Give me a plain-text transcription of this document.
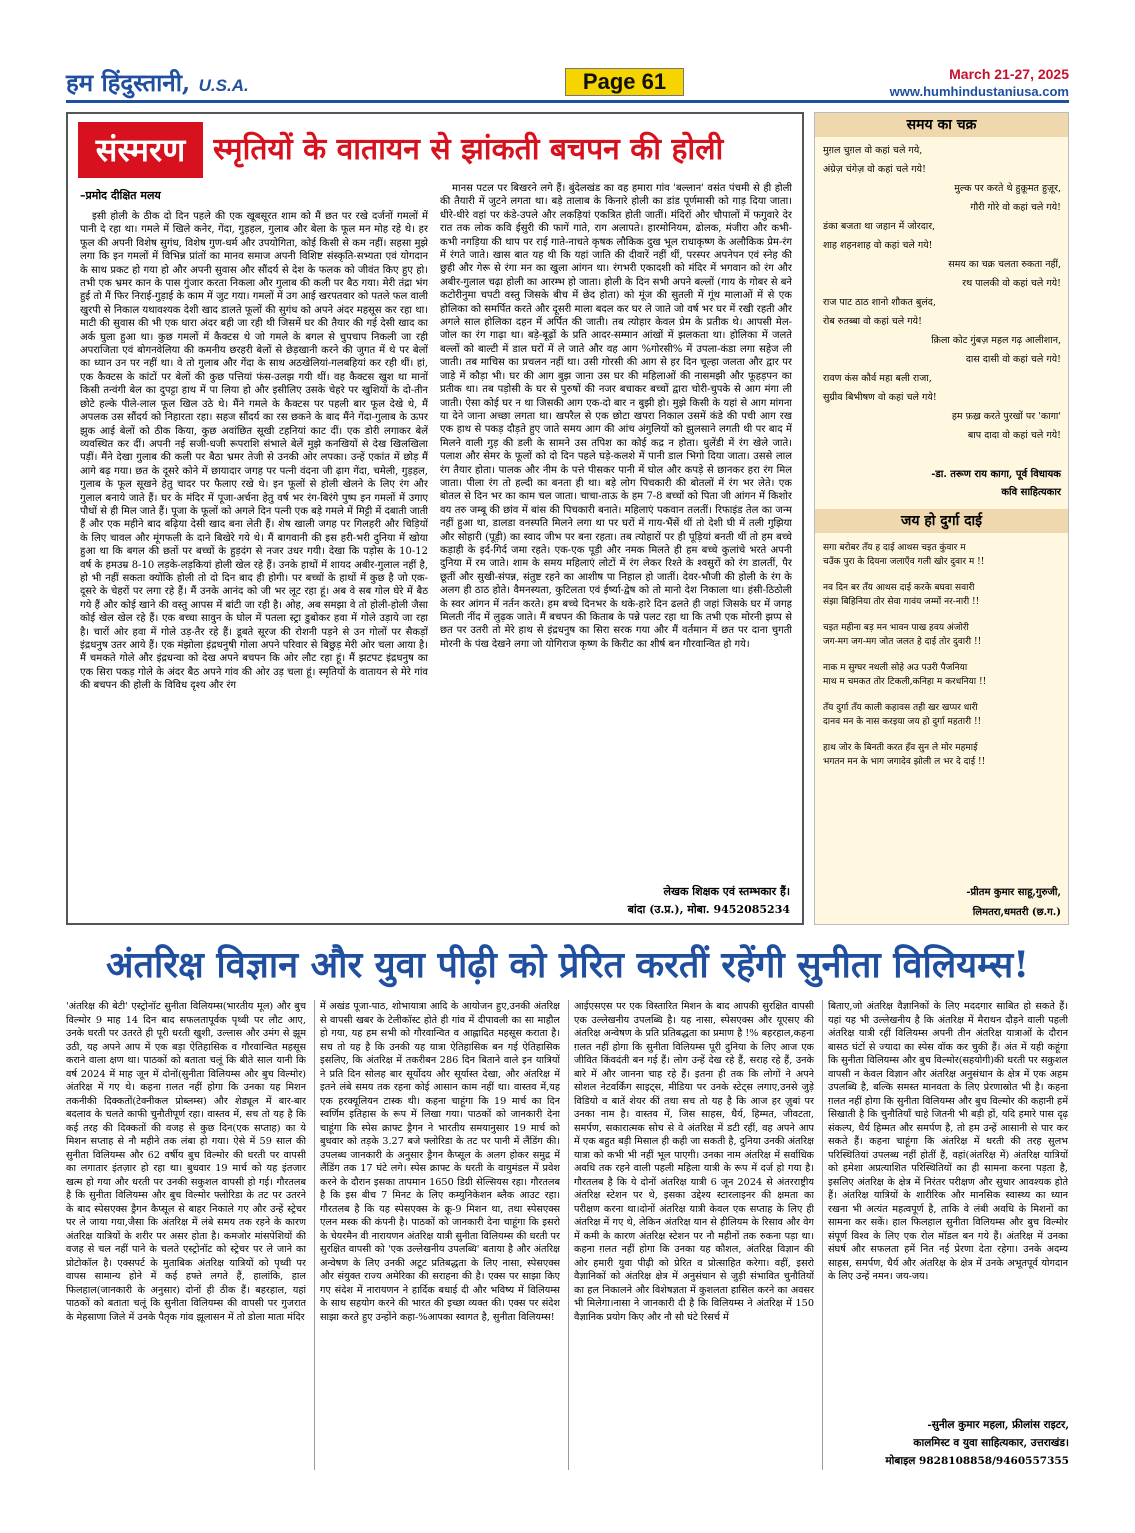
हम हिंदुस्तानी, U.S.A.	Page 61	March 21-27, 2025
www.humhindustaniusa.com
संस्मरण स्मृतियों के वातायन से झांकती बचपन की होली
–प्रमोद दीक्षित मलय

इसी होली के ठीक दो दिन पहले की एक खूबसूरत शाम को मैं छत पर रखे दर्जनों गमलों में पानी दे रहा था। गमले में खिले कनेर, गेंदा, गुड़हल, गुलाब और बेला के फूल मन मोह रहे थे। हर फूल की अपनी विशेष सुगंध, विशेष गुण-धर्म और उपयोगिता, कोई किसी से कम नहीं। सहसा मुझे लगा कि इन गमलों में विभिन्न प्रांतों का मानव समाज अपनी विशिष्ट संस्कृति-सभ्यता एवं योगदान के साथ प्रकट हो गया हो और अपनी सुवास और सौंदर्य से देश के फलक को जीवंत किए हुए हो। तभी एक भ्रमर कान के पास गुंजार करता निकला और गुलाब की कली पर बैठ गया। मेरी तंद्रा भंग हुई तो मैं फिर निराई-गुड़ाई के काम में जुट गया। गमलों में उग आई खरपतवार को पतले फल वाली खुरपी से निकाल यथावश्यक देशी खाद डालते फूलों की सुगंध को अपने अंदर महसूस कर रहा था। माटी की सुवास की भी एक धारा अंदर बही जा रही थी जिसमें घर की तैयार की गई देसी खाद का अर्क घुला हुआ था। कुछ गमलों में कैक्टस थे जो गमले के बगल से चुपचाप निकली जा रही अपराजिता एवं बोगनवेलिया की कमनीय छरहरी बेलों से छेड़खानी करने की जुगत में थे पर बेलों का ध्यान उन पर नहीं था। वे तो गुलाब और गेंदा के साथ अठखेलियां-गलबहियां कर रही थीं। हां, एक कैक्टस के कांटों पर बेलों की कुछ पत्तियां फंस-उलझ गयी थीं। वह कैक्टस खुश था मानों किसी तन्वंगी बेल का दुपट्टा हाथ में पा लिया हो और इसीलिए उसके चेहरे पर खुशियों के दो-तीन छोटे हल्के पीले-लाल फूल खिल उठे थे। मैंने गमले के कैक्टस पर पहली बार फूल देखे थे, मैं अपलक उस सौंदर्य को निहारता रहा। सहज सौंदर्य का रस छकने के बाद मैंने गेंदा-गुलाब के ऊपर झुक आई बेलों को ठीक किया, कुछ अवांछित सूखी टहनियां काट दीं। एक डोरी लगाकर बेलें व्यवस्थित कर दीं। अपनी नई सजी-धजी रूपराशि संभाले बेलें मुझे कनखियों से देख खिलखिला पड़ीं। मैंने देखा गुलाब की कली पर बैठा भ्रमर तेजी से उनकी ओर लपका। उन्हें एकांत में छोड़ मैं आगे बढ़ गया। छत के दूसरे कोने में छायादार जगह पर पत्नी वंदना जी ढ़ाग गेंदा, चमेली, गुड़हल, गुलाब के फूल सूखने हेतु चादर पर फैलाए रखे थे। इन फूलों से होली खेलने के लिए रंग और गुलाल बनाये जाते हैं। घर के मंदिर में पूजा-अर्चना हेतु वर्ष भर रंग-बिरंगे पुष्प इन गमलों में उगाए पौधों से ही मिल जाते हैं। पूजा के फूलों को अगले दिन पत्नी एक बड़े गमले में मिट्टी में दबाती जाती हैं और एक महीने बाद बढ़िया देसी खाद बना लेती हैं। शेष खाली जगह पर गिलहरी और चिड़ियों के लिए चावल और मूंगफली के दाने बिखेरे गये थे। मैं बागवानी की इस हरी-भरी दुनिया में खोया हुआ था कि बगल की छतों पर बच्चों के हुड़दंग से नजर उधर गयी। देखा कि पड़ोस के 10-12 वर्ष के हमउम्र 8-10 लड़के-लड़कियां होली खेल रहे हैं। उनके हाथों में शायद अबीर-गुलाल नहीं है, हो भी नहीं सकता क्योंकि होली तो दो दिन बाद ही होगी। पर बच्चों के हाथों में कुछ है जो एक-दूसरे के चेहरों पर लगा रहे हैं। मैं उनके आनंद को जी भर लूट रहा हूं। अब वे सब गोल घेरे में बैठ गये हैं और कोई खाने की वस्तु आपस में बांटी जा रही है। ओह, अब समझा वे तो होली-होली जैसा कोई खेल खेल रहे हैं। एक बच्चा सावुन के घोल में पतला स्ट्रा डुबोकर हवा में गोले उड़ाये जा रहा है। चारों ओर हवा में गोले उड़-तैर रहे हैं। डूबते सूरज की रोशनी पड़ने से उन गोलों पर सैकड़ों इंद्रधनुष उतर आये हैं। एक मंझोला इंद्रधनुषी गोला अपने परिवार से बिछुड़ मेरी ओर चला आया है। मैं चमकते गोले और इंद्रधन्वा को देख अपने बचपन कि ओर लौट रहा हूं। मैं झटपट इंद्रधनुष का एक सिरा पकड़ गोले के अंदर बैठ अपने गांव की ओर उड़ चला हूं। स्मृतियों के वातायन से मेरे गांव की बचपन की होली के विविध दृश्य और रंग

मानस पटल पर बिखरने लगे हैं। बुंदेलखंड का वह हमारा गांव 'बल्लान' वसंत पंचमी से ही होली की तैयारी में जुटने लगता था। बड़े तालाब के किनारे होली का डांड पूर्णमासी को गाड़ दिया जाता। धीरे-धीरे वहां पर कंडे-उपले और लकड़ियां एकत्रित होती जातीं। मंदिरों और चौपालों में फगुवारे देर रात तक लोक कवि ईसुरी की फागें गाते, राग अलापते। हारमोनियम, ढोलक, मंजीरा और कभी-कभी नगड़िया की थाप पर राई गाते-नाचते कृषक लौकिक दुख भूल राधाकृष्ण के अलौकिक प्रेम-रंग में रंगते जाते। खास बात यह थी कि यहां जाति की दीवारें नहीं थीं, परस्पर अपनेपन एवं स्नेह की छुही और गेरू से रंगा मन का खुला आंगन था। रंगभरी एकादशी को मंदिर में भगवान को रंग और अबीर-गुलाल चढ़ा होली का आरम्भ हो जाता। होली के दिन सभी अपने बल्लों (गाय के गोबर से बने कटोरीनुमा चपटी वस्तु जिसके बीच में छेद होता) को मूंज की सुतली में गूंथ मालाओं में से एक होलिका को समर्पित करते और दूसरी माला बदल कर घर ले जाते जो वर्ष भर घर में रखी रहती और अगले साल होलिका दहन में अर्पित की जाती। तब त्योहार केवल प्रेम के प्रतीक थे। आपसी मेल-जोल का रंग गाढ़ा था। बड़े-बूढ़ों के प्रति आदर-सम्मान आंखों में झलकता था। होलिका में जलते बल्लों को बाल्टी में डाल घरों में ले जाते और वह आग %गोरसी% में उपला-कंडा लगा सहेज ली जाती। तब माचिस का प्रचलन नहीं था। उसी गोरसी की आग से हर दिन चूल्हा जलता और द्वार पर जाड़े में कौड़ा भी। घर की आग बुझ जाना उस घर की महिलाओं की नासमझी और फूहड़पन का प्रतीक था। तब पड़ोसी के घर से पुरुषों की नजर बचाकर बच्चों द्वारा चोरी-चुपके से आग मंगा ली जाती। ऐसा कोई घर न था जिसकी आग एक-दो बार न बुझी हो। मुझे किसी के यहां से आग मांगना या देने जाना अच्छा लगता था। खपरैल से एक छोटा खपरा निकाल उसमें कंडे की पची आग रख एक हाथ से पकड़ दौड़ते हुए जाते समय आग की आंच अंगुलियों को झुलसाने लगती थी पर बाद में मिलने वाली गुड़ की डली के सामने उस तपिश का कोई कद्र न होता। धुलेंडी में रंग खेले जाते। पलाश और सेमर के फूलों को दो दिन पहले घड़े-कलशे में पानी डाल भिगो दिया जाता। उससे लाल रंग तैयार होता। पालक और नीम के पत्ते पीसकर पानी में घोल और कपड़े से छानकर हरा रंग मिल जाता। पीला रंग तो हल्दी का बनता ही था। बड़े लोग पिचकारी की बोतलों में रंग भर लेते। एक बोतल से दिन भर का काम चल जाता। चाचा-ताऊ के हम 7-8 बच्चों को पिता जी आंगन में किशोर वय तरु जम्बू की छांव में बांस की पिचकारी बनाते। महिलाएं पकवान तलतीं। रिफाइंड तेल का जन्म नहीं हुआ था, डालडा वनस्पति मिलने लगा था पर घरों में गाय-भैंसें थीं तो देशी घी में तली गुझिया और सोहारी (पूड़ी) का स्वाद जीभ पर बना रहता। तब त्योहारों पर ही पूड़ियां बनती थीं तो हम बच्चे कड़ाही के इर्द-गिर्द जमा रहते। एक-एक पूड़ी और नमक मिलते ही हम बच्चे कुलांचे भरते अपनी दुनिया में रम जाते। शाम के समय महिलाएं लोटों में रंग लेकर रिश्ते के श्वसुरों को रंग डालतीं, पैर छूतीं और सुखी-संपन्न, संतुष्ट रहने का आशीष पा निहाल हो जातीं। देवर-भौजी की होली के रंग के अलग ही ठाठ होते। वैमनस्यता, कुटिलता एवं ईर्ष्या-द्वेष को तो मानो देश निकाला था। हंसी-ठिठोली के स्वर आंगन में नर्तन करते। हम बच्चे दिनभर के थके-हारे दिन ढलते ही जहां जिसके घर में जगह मिलती नींद में लुढ़क जाते। मैं बचपन की किताब के पन्ने पलट रहा था कि तभी एक मोरनी झप्प से छत पर उतरी तो मेरे हाथ से इंद्रधनुष का सिरा सरक गया और मैं वर्तमान में छत पर दाना चुगती मोरनी के पंख देखने लगा जो योगिराज कृष्ण के किरीट का शीर्ष बन गौरवान्वित हो गये।

लेखक शिक्षक एवं स्तम्भकार हैं।
बांदा (उ.प्र.), मोबा. 9452085234
समय का चक्र
मुग़ल चुग़ल वो कहां चले गये,
अंग्रेज़ चंगेज़ वो कहां चले गये!
मुल्क पर करते थे हुक़ूमत हुज़ूर,
गौरी गोरे वो कहां चले गये!
डंका बजता था जहान में जोरदार,
शाह शहनशाह वो कहां चले गये!
समय का चक्र चलता रुकता नहीं,
रथ पालकी वो कहां चले गये!
राज पाट ठाठ शानो शौकत बुलंद,
रोब रुतब्बा वो कहां चले गये!
क़िला कोट गुंबज़ महल गढ़ आलीशान,
दास दासी वो कहां चले गये!
रावण कंस कौर्व महा बली राजा,
सुग्रीव बिभीषण वो कहां चले गये!
हम फ़ख़्र करते पुरखों पर 'कागा'
बाप दादा वो कहां चले गये!
-डा. तरूण राय कागा, पूर्व विधायक
कवि साहित्यकार
जय हो दुर्गा दाई
सगा बरोबर तँय ह दाई आथस चइत कुंवार म
चउँक पुरा के दियना जलाएँव गली खोर दुवार म !!
नव दिन बर तँय आथस दाई करके बघवा सवारी
संझा बिहिनिया तोर सेवा गावंय जम्मों नर-नारी !!
चइत महीना बड़ मन भावन पाख हवय अंजोरी
जग-मग जग-मग जोत जलत हे दाई तोर दुवारी !!
नाक म सुग्घर नथली सोहे अउ पउरी पैजनिया
माथ म चमकत तोर टिकली,कनिहा म करधनिया !!
तँय दुर्गा तँय काली कहावस तही खर खप्पर धारी
दानव मन के नास करइया जय हो दुर्गा महतारी !!
हाथ जोर के बिनती करत हँव सुन ले मोर महमाई
भगतन मन के भाग जगादेव झोली ल भर दे दाई !!
-प्रीतम कुमार साहू,गुरुजी,
लिमतरा,धमतरी (छ.ग.)
अंतरिक्ष विज्ञान और युवा पीढ़ी को प्रेरित करतीं रहेंगी सुनीता विलियम्स!

'अंतरिक्ष की बेटी' एस्ट्रोनॉट सुनीता विलियम्स(भारतीय मूल) और बुच विल्मोर 9 माह 14 दिन बाद सफलतापूर्वक पृथ्वी पर लौट आए, उनके धरती पर उतरते ही पूरी धरती खुशी, उल्लास और उमंग से झूम उठी, यह अपने आप में एक बड़ा ऐतिहासिक व गौरवान्वित महसूस कराने वाला क्षण था। पाठकों को बताता चलूं कि बीते साल यानी कि वर्ष 2024 में माह जून में दोनों(सुनीता विलियम्स और बुच विल्मोर) अंतरिक्ष में गए थे। कहना ग़लत नहीं होगा कि उनका यह मिशन तकनीकी दिक्कतों(टेक्नीकल प्रोब्लम्स) और शेड्यूल में बार-बार बदलाव के चलते काफी चुनौतीपूर्ण रहा। वास्तव में, सच तो यह है कि कई तरह की दिक्कतों की वजह से कुछ दिन(एक सप्ताह) का ये मिशन सप्ताह से नौ महीने तक लंबा हो गया। ऐसे में 59 साल की सुनीता विलियम्स और 62 वर्षीय बुच विल्मोर की धरती पर वापसी का लगातार इंतज़ार हो रहा था। बुधवार 19 मार्च को यह इंतजार खत्म हो गया और धरती पर उनकी सकुशल वापसी हो गई। गौरतलब है कि सुनीता विलियम्स और बुच विल्मोर फ्लोरिडा के तट पर उतरने के बाद स्पेसएक्स ड्रैगन कैप्सूल से बाहर निकाले गए और उन्हें स्ट्रेचर पर ले जाया गया,जैसा कि अंतरिक्ष में लंबे समय तक रहने के कारण अंतरिक्ष यात्रियों के शरीर पर असर होता है। कमजोर मांसपेशियों की वजह से चल नहीं पाने के चलते एस्ट्रोनॉट को स्ट्रेचर पर ले जाने का प्रोटोकॉल है। एक्सपर्ट के मुताबिक अंतरिक्ष यात्रियों को पृथ्वी पर वापस सामान्य होने में कई हफ्ते लगते हैं, हालांकि, हाल फिलहाल(जानकारी के अनुसार) दोनों ही ठीक हैं। बहरहाल, यहां पाठकों को बताता चलूं कि सुनीता विलियम्स की वापसी पर गुजरात के मेहसाणा जिले में उनके पैतृक गांव झूलासन में तो डोला माता मंदिर

में अखंड पूजा-पाठ, शोभायात्रा आदि के आयोजन हुए,उनकी अंतरिक्ष से वापसी खबर के टेलीकॉस्ट होते ही गांव में दीपावली का सा माहौल हो गया, यह हम सभी को गौरवान्वित व आह्लादित महसूस कराता है। सच तो यह है कि उनकी यह यात्रा ऐतिहासिक बन गई ऐतिहासिक इसलिए, कि अंतरिक्ष में तकरीबन 286 दिन बिताने वाले इन यात्रियों ने प्रति दिन सोलह बार सूर्योदय और सूर्यास्त देखा, और अंतरिक्ष में इतने लंबे समय तक रहना कोई आसान काम नहीं था। वास्तव में,यह एक हरक्यूलियन टास्क थी। कहना चाहूंगा कि 19 मार्च का दिन स्वर्णिम इतिहास के रूप में लिखा गया। पाठकों को जानकारी देना चाहूंगा कि स्पेस क्राफ्ट ड्रैगन ने भारतीय समयानुसार 19 मार्च को बुधवार को तड़के 3.27 बजे फ्लोरिडा के तट पर पानी में लैंडिंग की। उपलब्ध जानकारी के अनुसार ड्रैगन कैप्सूल के अलग होकर समुद्र में लैंडिंग तक 17 घंटे लगे। स्पेस क्राफ्ट के धरती के वायुमंडल में प्रवेश करने के दौरान इसका तापमान 1650 डिग्री सेल्सियस रहा। गौरतलब है कि इस बीच 7 मिनट के लिए कम्युनिकेशन ब्लैक आउट रहा। गौरतलब है कि यह स्पेसएक्स के क्रू-9 मिशन था, तथा स्पेसएक्स एलन मस्क की कंपनी है। पाठकों को जानकारी देना चाहूंगा कि इसरो के चेयरमैन वी नारायणन अंतरिक्ष यात्री सुनीता विलियम्स की धरती पर सुरक्षित वापसी को 'एक उल्लेखनीय उपलब्धि' बताया है और अंतरिक्ष अन्वेषण के लिए उनकी अटूट प्रतिबद्धता के लिए नासा, स्पेसएक्स और संयुक्त राज्य अमेरिका की सराहना की है। एक्स पर साझा किए गए संदेश में नारायणन ने हार्दिक बधाई दी और भविष्य में विलियम्स के साथ सहयोग करने की भारत की इच्छा व्यक्त की। एक्स पर संदेश साझा करते हुए उन्होंने कहा-%आपका स्वागत है, सुनीता विलियम्स!

आईएसएस पर एक विस्तारित मिशन के बाद आपकी सुरक्षित वापसी एक उल्लेखनीय उपलब्धि है। यह नासा, स्पेसएक्स और यूएसए की अंतरिक्ष अन्वेषण के प्रति प्रतिबद्धता का प्रमाण है !% बहरहाल,कहना ग़लत नहीं होगा कि सुनीता विलियम्स पूरी दुनिया के लिए आज एक जीवित किंवदंती बन गई हैं। लोग उन्हें देख रहे हैं, सराह रहे हैं, उनके बारे में और जानना चाह रहे हैं। इतना ही तक कि लोगों ने अपने सोशल नेटवर्किंग साइट्स, मीडिया पर उनके स्टेट्स लगाए,उनसे जुड़े विडियो व बातें शेयर कीं तथा सच तो यह है कि आज हर ज़ुबां पर उनका नाम है। वास्तव में, जिस साहस, धैर्य, हिम्मत, जीवटता, समर्पण, सकारात्मक सोच से वे अंतरिक्ष में डटी रहीं, वह अपने आप में एक बहुत बड़ी मिसाल ही कही जा सकती है, दुनिया उनकी अंतरिक्ष यात्रा को कभी भी नहीं भूल पाएगी। उनका नाम अंतरिक्ष में सर्वाधिक अवधि तक रहने वाली पहली महिला यात्री के रूप में दर्ज हो गया है। गौरतलब है कि ये दोनों अंतरिक्ष यात्री 6 जून 2024 से अंतरराष्ट्रीय अंतरिक्ष स्टेशन पर थे, इसका उद्देश्य स्टारलाइनर की क्षमता का परीक्षण करना था।दोनों अंतरिक्ष यात्री केवल एक सप्ताह के लिए ही अंतरिक्ष में गए थे, लेकिन अंतरिक्ष यान से हीलियम के रिसाव और वेग में कमी के कारण अंतरिक्ष स्टेशन पर नौ महीनों तक रुकना पड़ा था।कहना ग़लत नहीं होगा कि उनका यह कौशल, अंतरिक्ष विज्ञान की ओर हमारी युवा पीढ़ी को प्रेरित व प्रोत्साहित करेगा। वहीं, इसरो वैज्ञानिकों को अंतरिक्ष क्षेत्र में अनुसंधान से जुड़ी संभावित चुनौतियों का हल निकालने और विशेषज्ञता में कुशलता हासिल करने का अवसर भी मिलेगा।नासा ने जानकारी दी है कि विलियम्स ने अंतरिक्ष में 150 वैज्ञानिक प्रयोग किए और नौ सौ घंटे रिसर्च में

बिताए,जो अंतरिक्ष वैज्ञानिकों के लिए मददगार साबित हो सकते हैं। यहां यह भी उल्लेखनीय है कि अंतरिक्ष में मैराथन दौड़ने वाली पहली अंतरिक्ष यात्री रहीं विलियम्स अपनी तीन अंतरिक्ष यात्राओं के दौरान बासठ घंटों से ज्यादा का स्पेस वॉक कर चुकी हैं। अंत में यही कहूंगा कि सुनीता विलियम्स और बुच विल्मोर(सहयोगी)की धरती पर सकुशल वापसी न केवल विज्ञान और अंतरिक्ष अनुसंधान के क्षेत्र में एक अहम उपलब्धि है, बल्कि समस्त मानवता के लिए प्रेरणास्रोत भी है। कहना ग़लत नहीं होगा कि सुनीता विलियम्स और बुच विल्मोर की कहानी हमें सिखाती है कि चुनौतियाँ चाहे जितनी भी बड़ी हों, यदि हमारे पास दृढ़ संकल्प, धैर्य हिम्मत और समर्पण है, तो हम उन्हें आसानी से पार कर सकते हैं। कहना चाहूंगा कि अंतरिक्ष में धरती की तरह सुलभ परिस्थितियां उपलब्ध नहीं होतीं हैं, वहां(अंतरिक्ष में) अंतरिक्ष यात्रियों को हमेशा अप्रत्याशित परिस्थितियों का ही सामना करना पड़ता है, इसलिए अंतरिक्ष के क्षेत्र में निरंतर परीक्षण और सुधार आवश्यक होते हैं। अंतरिक्ष यात्रियों के शारीरिक और मानसिक स्वास्थ्य का ध्यान रखना भी अत्यंत महत्वपूर्ण है, ताकि वे लंबी अवधि के मिशनों का सामना कर सकें। हाल फिलहाल सुनीता विलियम्स और बुच विल्मोर संपूर्ण विश्व के लिए एक रोल मॉडल बन गये हैं। अंतरिक्ष में उनका संघर्ष और सफलता हमें नित नई प्रेरणा देता रहेगा। उनके अदम्य साहस, समर्पण, धैर्य और अंतरिक्ष के क्षेत्र में उनके अभूतपूर्व योगदान के लिए उन्हें नमन। जय-जय।

-सुनील कुमार महला, फ्रीलांस राइटर,
कालमिस्ट व युवा साहित्यकार, उत्तराखंड।
मोबाइल 9828108858/9460557355
